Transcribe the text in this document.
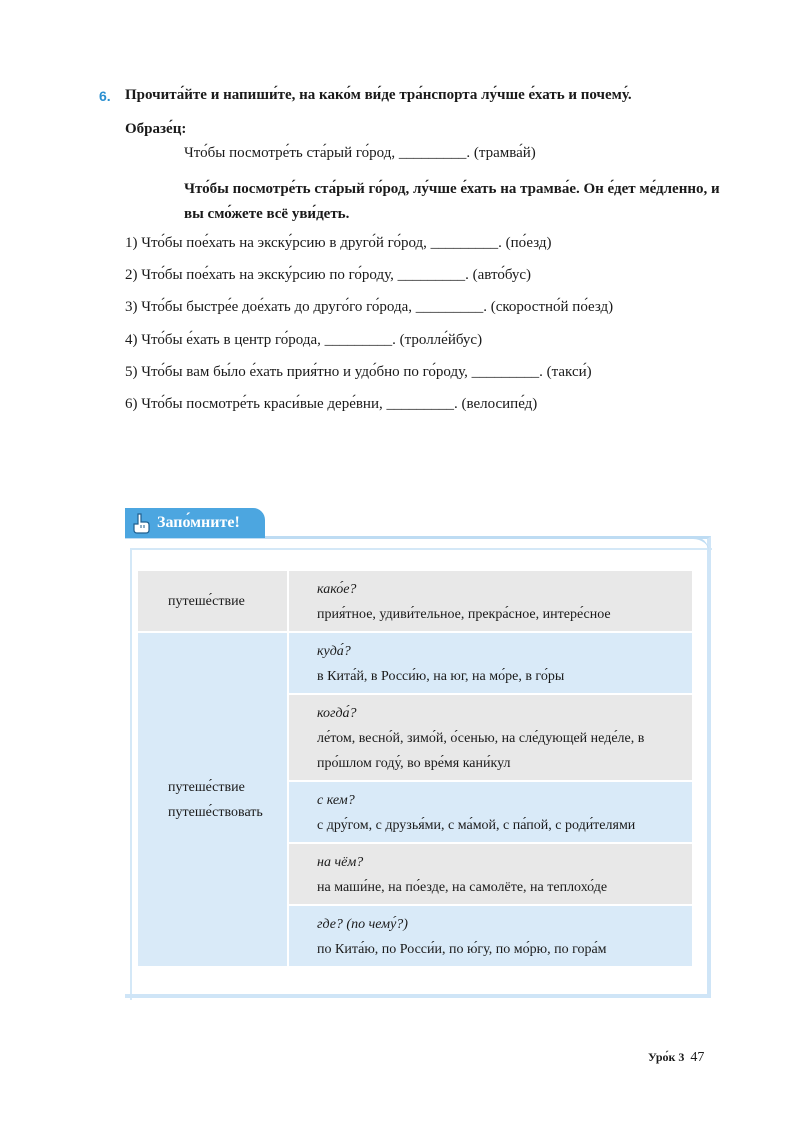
6. Прочита́йте и напиши́те, на како́м ви́де тра́нспорта лу́чше е́хать и почему́.
Образе́ц:
Что́бы посмотре́ть ста́рый го́род, _________. (трамва́й)
Что́бы посмотре́ть ста́рый го́род, лу́чше е́хать на трамва́е. Он е́дет ме́дленно, и вы смо́жете всё уви́деть.
1) Что́бы пое́хать на экску́рсию в друго́й го́род, _________. (по́езд)
2) Что́бы пое́хать на экску́рсию по го́роду, _________. (авто́бус)
3) Что́бы быстре́е дое́хать до друго́го го́рода, _________. (скоростно́й по́езд)
4) Что́бы е́хать в центр го́рода, _________. (тролле́йбус)
5) Что́бы вам бы́ло е́хать прия́тно и удо́бно по го́роду, _________. (такси́)
6) Что́бы посмотре́ть краси́вые дере́вни, _________. (велосипе́д)
Запо́мните!
путеше́ствие	како́е?
прия́тное, удиви́тельное, прекра́сное, интере́сное

путеше́ствие
путеше́ствовать	куда́?
в Кита́й, в Росси́ю, на юг, на мо́ре, в го́ры

	когда́?
ле́том, весно́й, зимо́й, о́сенью, на сле́дующей неде́ле, в про́шлом году́, во вре́мя кани́кул

	с кем?
с дру́гом, с друзья́ми, с ма́мой, с па́пой, с роди́телями

	на чём?
на маши́не, на по́езде, на самолёте, на теплохо́де

	где? (по чему́?)
по Кита́ю, по Росси́и, по ю́гу, по мо́рю, по гора́м
Уро́к 3 47
